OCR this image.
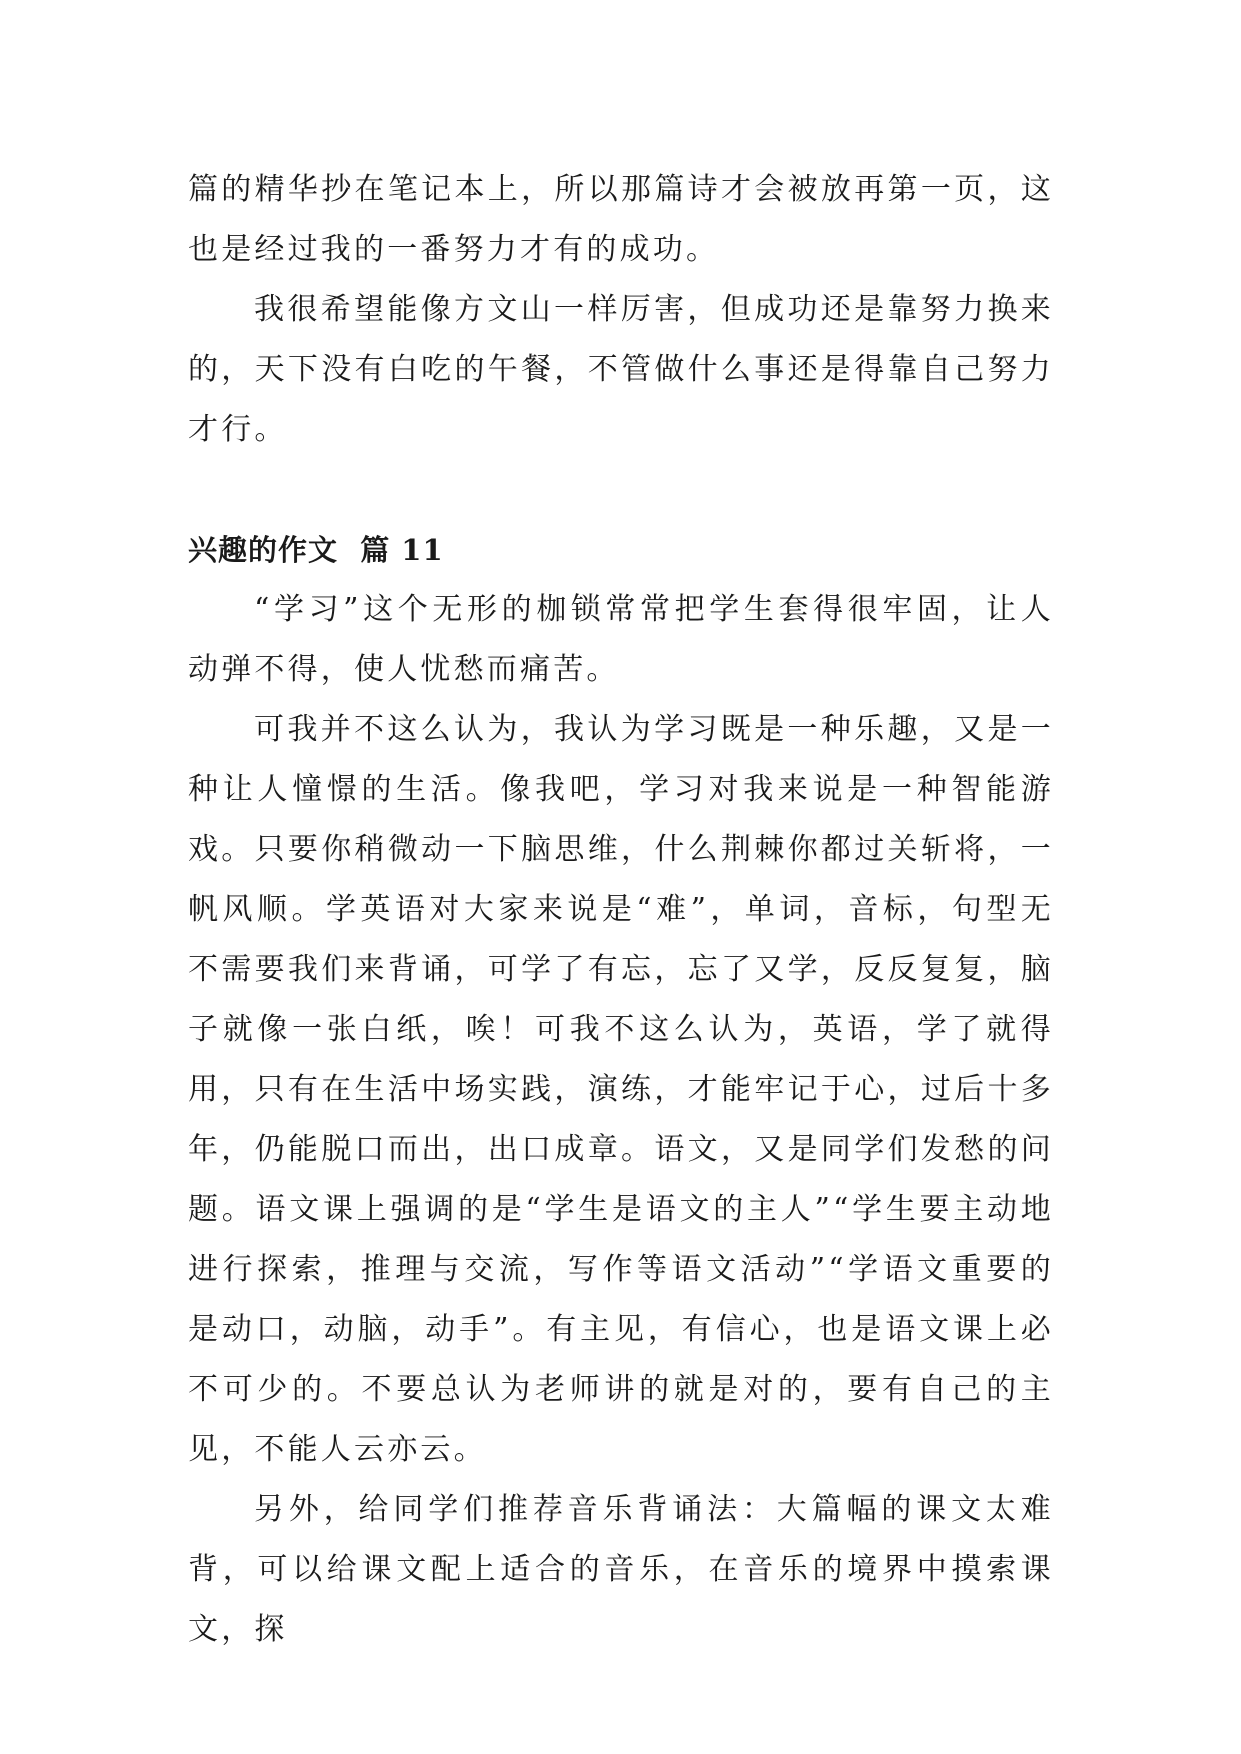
篇的精华抄在笔记本上，所以那篇诗才会被放再第一页，这也是经过我的一番努力才有的成功。

我很希望能像方文山一样厉害，但成功还是靠努力换来的，天下没有白吃的午餐，不管做什么事还是得靠自己努力才行。

兴趣的作文  篇 11

“学习”这个无形的枷锁常常把学生套得很牢固，让人动弹不得，使人忧愁而痛苦。

可我并不这么认为，我认为学习既是一种乐趣，又是一种让人憧憬的生活。像我吧，学习对我来说是一种智能游戏。只要你稍微动一下脑思维，什么荆棘你都过关斩将，一帆风顺。学英语对大家来说是“难”，单词，音标，句型无不需要我们来背诵，可学了有忘，忘了又学，反反复复，脑子就像一张白纸，唉！可我不这么认为，英语，学了就得用，只有在生活中场实践，演练，才能牢记于心，过后十多年，仍能脱口而出，出口成章。语文，又是同学们发愁的问题。语文课上强调的是“学生是语文的主人”“学生要主动地进行探索，推理与交流，写作等语文活动”“学语文重要的是动口，动脑，动手”。有主见，有信心，也是语文课上必不可少的。不要总认为老师讲的就是对的，要有自己的主见，不能人云亦云。

另外，给同学们推荐音乐背诵法：大篇幅的课文太难背，可以给课文配上适合的音乐，在音乐的境界中摸索课文，探
